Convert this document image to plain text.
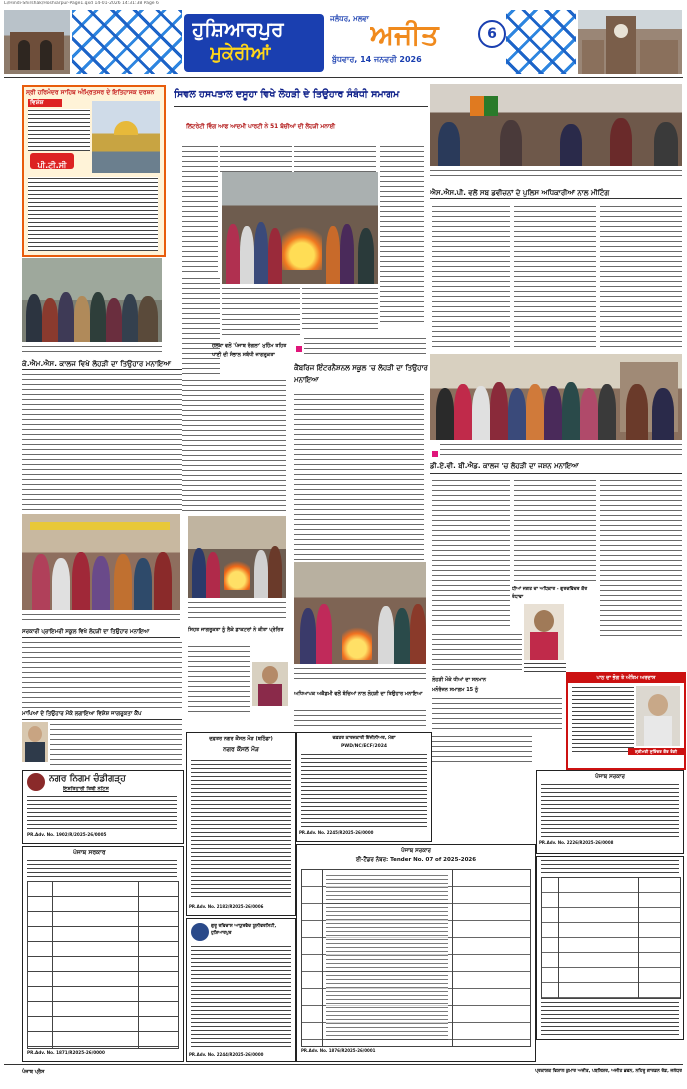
Li/Hindi-Shirshak/Hoshiarpur-Page1.qxd 14-01-2026 14:31:38 Page 6
ਹੁਸ਼ਿਆਰਪੁਰ
ਮੁਕੇਰੀਆਂ
ਜਲੰਧਰ, ਮਲਵਾ ਅਜੀਤ
ਬੁੱਧਵਾਰ, 14 ਜਨਵਰੀ 2026
6
ਸ੍ਰੀ ਹਰਿਮੰਦਰ ਸਾਹਿਬ ਅੰਮ੍ਰਿਤਸਰ ਦੇ ਇਤਿਹਾਸਕ ਦਰਸ਼ਨ
ਵਿਸ਼ੇਸ਼
ਪੀ.ਟੀ.ਸੀ
ਕੇ.ਐਮ.ਐਸ. ਕਾਲਜ ਵਿਖੇ ਲੋਹੜੀ ਦਾ ਤਿਉਹਾਰ ਮਨਾਇਆ
ਸਰਕਾਰੀ ਪ੍ਰਾਇਮਰੀ ਸਕੂਲ ਵਿਖੇ ਲੋਹੜੀ ਦਾ ਤਿਉਹਾਰ ਮਨਾਇਆ
ਮਾਪਿਆਂ ਦੇ ਤਿਉਹਾਰ ਮੌਕੇ ਲਗਾਇਆ ਵਿਸ਼ੇਸ਼ ਜਾਗਰੂਕਤਾ ਕੈਂਪ
ਨਗਰ ਨਿਗਮ ਚੰਡੀਗੜ੍ਹ
ਇਸ਼ਤਿਹਾਰੀ ਤਿਥੀ ਨੋਟਿਸ
PR.Adv. No. 1902/R/2025-26/0005
ਪੰਜਾਬ ਸਰਕਾਰ
PR.Adv. No. 1871/R2025-26/0000
ਸਿਵਲ ਹਸਪਤਾਲ ਦਸੂਹਾ ਵਿਖੇ ਲੋਹੜੀ ਦੇ ਤਿਉਹਾਰ ਸੰਬੰਧੀ ਸਮਾਗਮ
ਲਿਟਰੇਟੀ ਵਿੰਗ ਆਫ ਆਦਮੀ ਪਾਰਟੀ ਨੇ 51 ਬੱਚੀਆਂ ਦੀ ਲੋਹੜੀ ਮਨਾਈ
ਹਲਕਾ ਵਲੋਂ 'ਪੰਜਾਬ ਰੰਗਲਾ' ਮੁਹਿੰਮ ਤਹਿਤ ਪਾਣੀ ਦੀ ਸੰਭਾਲ ਸਬੰਧੀ ਜਾਗਰੂਕਤਾ
ਕੈਂਬਰਿਜ ਇੰਟਰਨੈਸ਼ਨਲ ਸਕੂਲ 'ਚ ਲੋਹੜੀ ਦਾ ਤਿਉਹਾਰ ਮਨਾਇਆ
ਸਿਹਤ ਜਾਗਰੂਕਤਾ ਨੂੰ ਲੈਕੇ ਡਾਕਟਰਾਂ ਨੇ ਕੀਤਾ ਪ੍ਰੇਰਿਤ
ਅਧਿਆਪਕ ਅਕੈਡਮੀ ਵਲੋਂ ਬੱਚਿਆਂ ਨਾਲ ਲੋਹੜੀ ਦਾ ਤਿਉਹਾਰ ਮਨਾਇਆ
ਦਫ਼ਤਰ ਨਗਰ ਕੌਂਸਲ ਮੌੜ (ਬਠਿੰਡਾ)
ਨਗਰ ਕੌਂਸਲ ਮੌੜ
PR.Adv. No. 2182/R2025-26/0006
ਗੁਰੂ ਰਵਿਦਾਸ ਆਯੁਰਵੈਦ ਯੂਨੀਵਰਸਿਟੀ, ਹੁਸ਼ਿਆਰਪੁਰ
PR.Adv. No. 2244/R2025-26/0000
ਦਫ਼ਤਰ ਕਾਰਜਕਾਰੀ ਇੰਜੀਨੀਅਰ, ਮੋਗਾ
PWD/NC/ECF/2024
PR.Adv. No. 2245/R2025-26/0000
ਪੰਜਾਬ ਸਰਕਾਰ
ਈ-ਟੈਂਡਰ ਨੰਬਰ: Tender No. 07 of 2025-2026
PR.Adv. No. 1876/R2025-26/0001
ਐਸ.ਐਸ.ਪੀ. ਵਲੋਂ ਸਬ ਡਵੀਜ਼ਨਾਂ ਦੇ ਪੁਲਿਸ ਅਧਿਕਾਰੀਆਂ ਨਾਲ ਮੀਟਿੰਗ
ਡੀ.ਏ.ਵੀ. ਬੀ.ਐਡ. ਕਾਲਜ 'ਚ ਲੋਹੜੀ ਦਾ ਜਸ਼ਨ ਮਨਾਇਆ
ਧੀਆਂ ਜਗਤ ਦਾ ਅਧਿਕਾਰ - ਗੁਰਦਵਿੰਦਰ ਕੌਰ ਰੰਧਾਵਾ
ਲੋਹੜੀ ਮੌਕੇ ਧੀਆਂ ਦਾ ਸਨਮਾਨ
ਮਨੋਰੰਜਨ ਸਮਾਗਮ 15 ਨੂੰ
ਪਾਠ ਦਾ ਭੋਗ ਤੇ ਅੰਤਿਮ ਅਰਦਾਸ
ਸ਼੍ਰੀਮਤੀ ਸੁਰਿੰਦਰ ਕੌਰ ਰੰਗੀ
ਪੰਜਾਬ ਸਰਕਾਰ
PR.Adv. No. 2226/R2025-26/0008
ਪੰਜਾਬ ਪ੍ਰੈਸ	ਪ੍ਰਕਾਸ਼ਕ ਵਿਸ਼ਾਲ ਕੁਮਾਰ ਅਜੀਤ, ਪਬਲਿਸ਼ਰ, ਅਜੀਤ ਭਵਨ, ਨਹਿਰੂ ਗਾਰਡਨ ਰੋਡ, ਜਲੰਧਰ
